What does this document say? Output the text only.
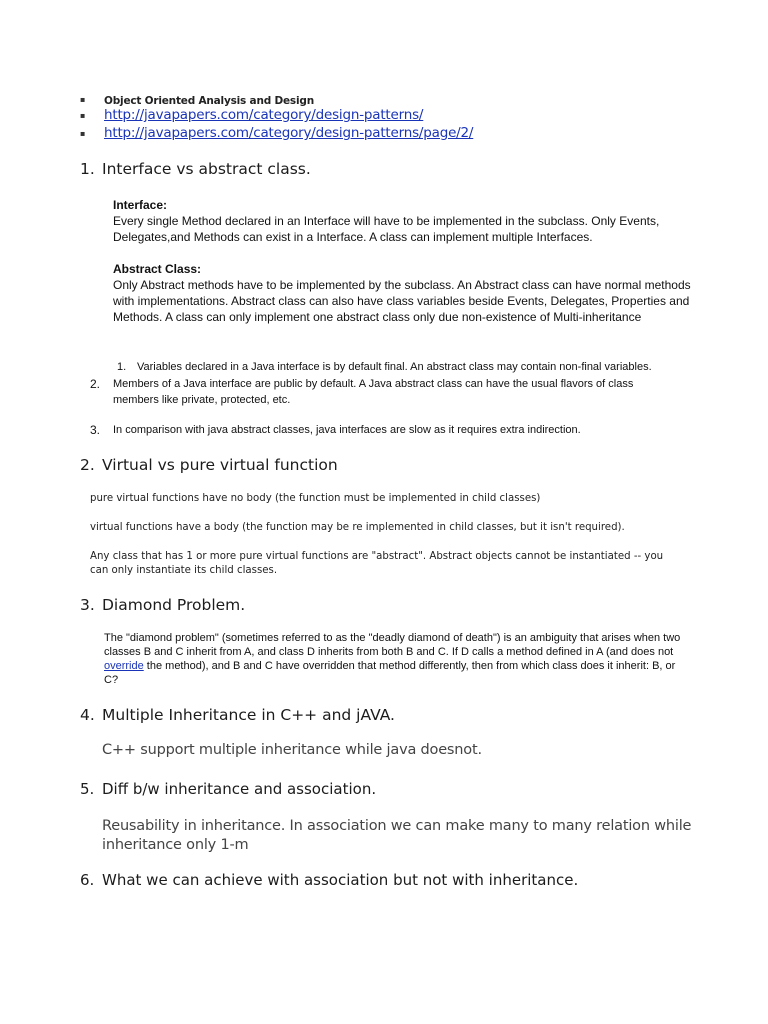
▪ Object Oriented Analysis and Design
▪ http://javapapers.com/category/design-patterns/
▪ http://javapapers.com/category/design-patterns/page/2/
1. Interface vs abstract class.
Interface:
Every single Method declared in an Interface will have to be implemented in the subclass. Only Events, Delegates,and Methods can exist in a Interface. A class can implement multiple Interfaces.
Abstract Class:
Only Abstract methods have to be implemented by the subclass. An Abstract class can have normal methods with implementations. Abstract class can also have class variables beside Events, Delegates, Properties and Methods. A class can only implement one abstract class only due non-existence of Multi-inheritance
1. Variables declared in a Java interface is by default final. An abstract class may contain non-final variables.
2. Members of a Java interface are public by default. A Java abstract class can have the usual flavors of class
members like private, protected, etc.
3. In comparison with java abstract classes, java interfaces are slow as it requires extra indirection.
2. Virtual vs pure virtual function
pure virtual functions have no body (the function must be implemented in child classes)
virtual functions have a body (the function may be re implemented in child classes, but it isn't required).
Any class that has 1 or more pure virtual functions are "abstract". Abstract objects cannot be instantiated -- you
can only instantiate its child classes.
3. Diamond Problem.
The "diamond problem" (sometimes referred to as the "deadly diamond of death") is an ambiguity that arises when two classes B and C inherit from A, and class D inherits from both B and C. If D calls a method defined in A (and does not override the method), and B and C have overridden that method differently, then from which class does it inherit: B, or C?
4. Multiple Inheritance in C++ and jAVA.
C++ support multiple inheritance while java doesnot.
5. Diff b/w inheritance and association.
Reusability in inheritance. In association we can make many to many relation while
inheritance only 1-m
6. What we can achieve with association but not with inheritance.
